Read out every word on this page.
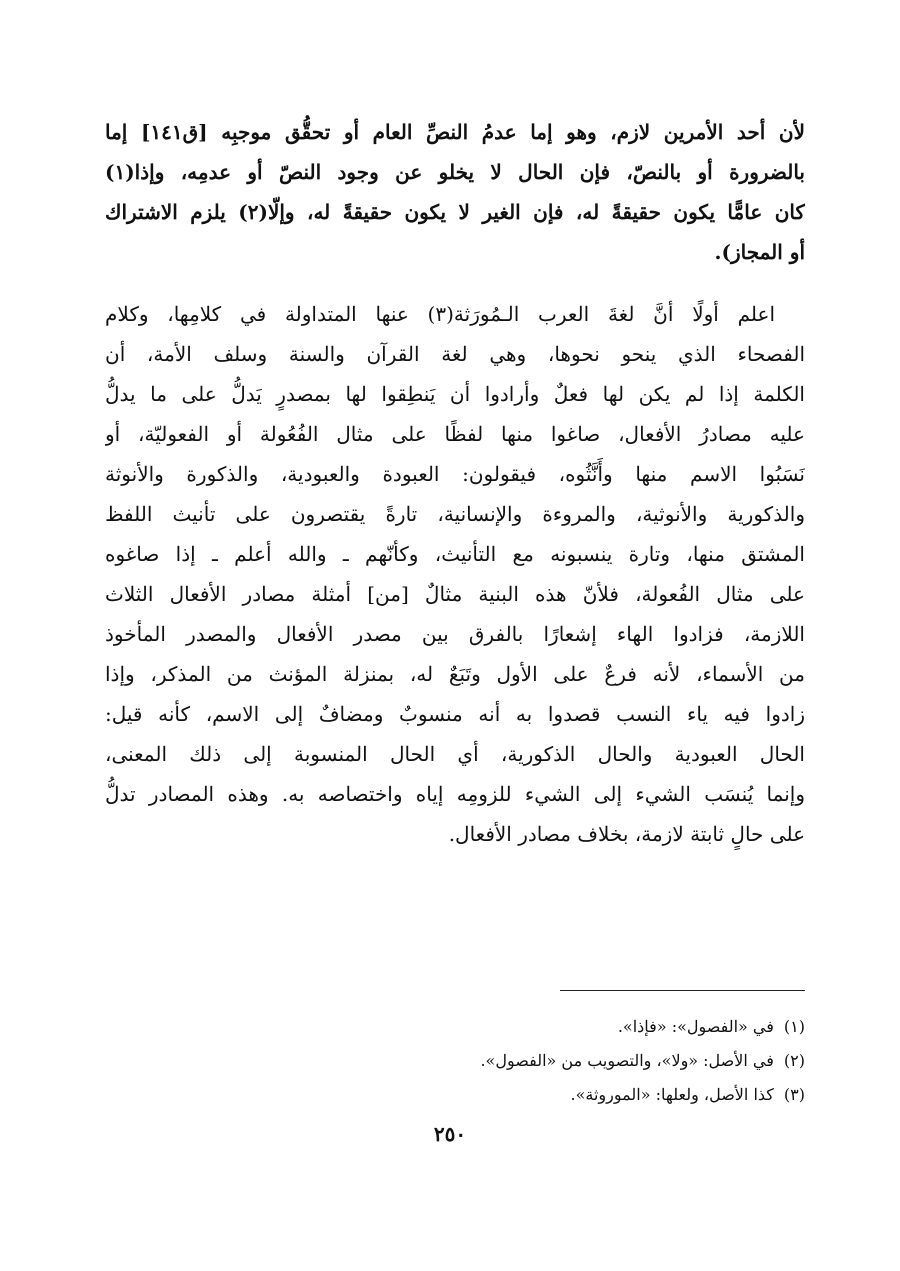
لأن أحد الأمرين لازم، وهو إما عدمُ النصِّ العام أو تحقُّق موجبِه [ق١٤١] إما
بالضرورة أو بالنصّ، فإن الحال لا يخلو عن وجود النصّ أو عدمِه، وإذا(١)
كان عامًّا يكون حقيقةً له، فإن الغير لا يكون حقيقةً له، وإلّا(٢) يلزم الاشتراك
أو المجاز).
اعلم أولًا أنَّ لغةَ العرب الـمُورَثة(٣) عنها المتداولة في كلامِها، وكلام
الفصحاء الذي ينحو نحوها، وهي لغة القرآن والسنة وسلف الأمة، أن
الكلمة إذا لم يكن لها فعلٌ وأرادوا أن يَنطِقوا لها بمصدرٍ يَدلُّ على ما يدلُّ
عليه مصادرُ الأفعال، صاغوا منها لفظًا على مثال الفُعُولة أو الفعوليّة، أو
نَسَبُوا الاسم منها وأَنَّثُوه، فيقولون: العبودة والعبودية، والذكورة والأنوثة
والذكورية والأنوثية، والمروءة والإنسانية، تارةً يقتصرون على تأنيث اللفظ
المشتق منها، وتارة ينسبونه مع التأنيث، وكأنّهم ـ والله أعلم ـ إذا صاغوه
على مثال الفُعولة، فلأنّ هذه البنية مثالٌ [من] أمثلة مصادر الأفعال الثلاث
اللازمة، فزادوا الهاء إشعارًا بالفرق بين مصدر الأفعال والمصدر المأخوذ
من الأسماء، لأنه فرعٌ على الأول وتَبَعٌ له، بمنزلة المؤنث من المذكر، وإذا
زادوا فيه ياء النسب قصدوا به أنه منسوبٌ ومضافٌ إلى الاسم، كأنه قيل:
الحال العبودية والحال الذكورية، أي الحال المنسوبة إلى ذلك المعنى،
وإنما يُنسَب الشيء إلى الشيء للزومِه إياه واختصاصه به. وهذه المصادر تدلُّ
على حالٍ ثابتة لازمة، بخلاف مصادر الأفعال.
(١)في «الفصول»: «فإذا».
(٢)في الأصل: «ولا»، والتصويب من «الفصول».
(٣)كذا الأصل، ولعلها: «الموروثة».
٢٥٠
